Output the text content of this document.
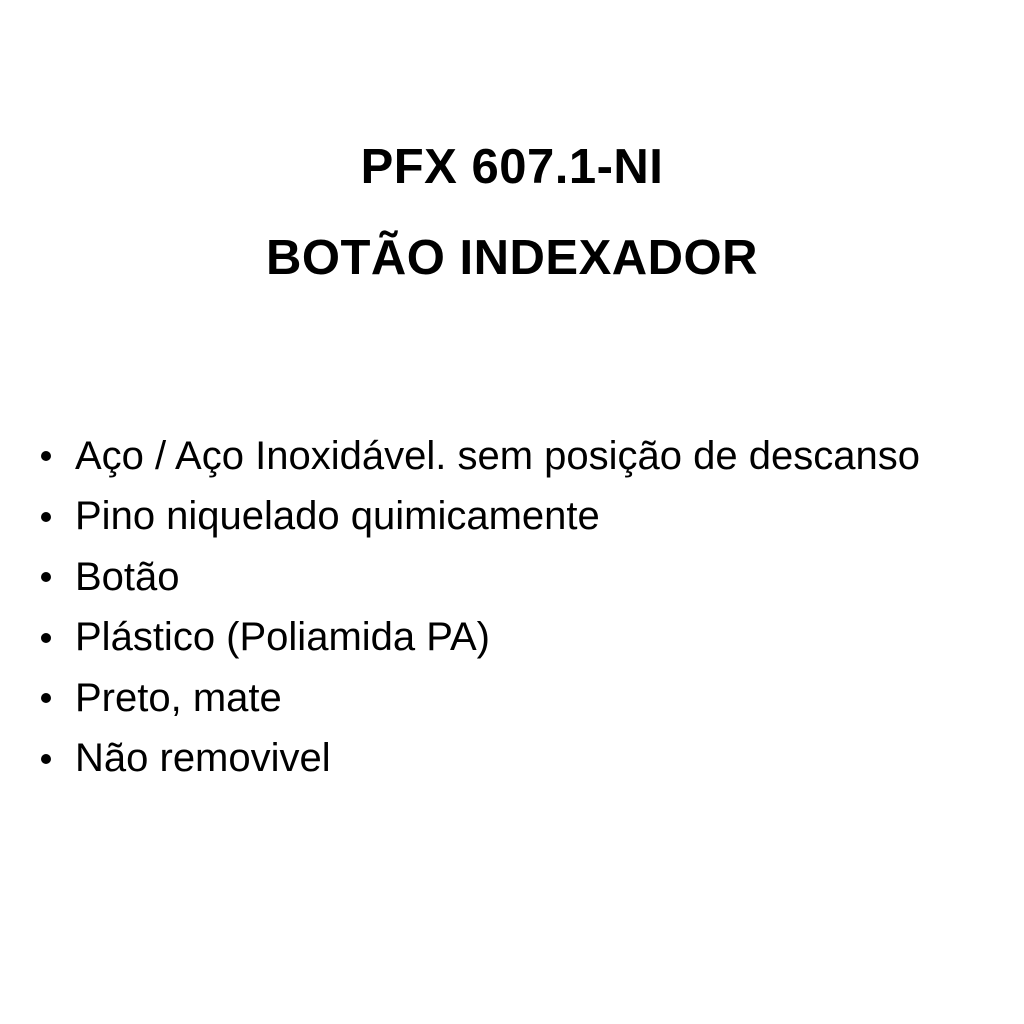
PFX 607.1-NI
BOTÃO INDEXADOR
Aço / Aço Inoxidável. sem posição de descanso
Pino niquelado quimicamente
Botão
Plástico (Poliamida PA)
Preto, mate
Não removivel
